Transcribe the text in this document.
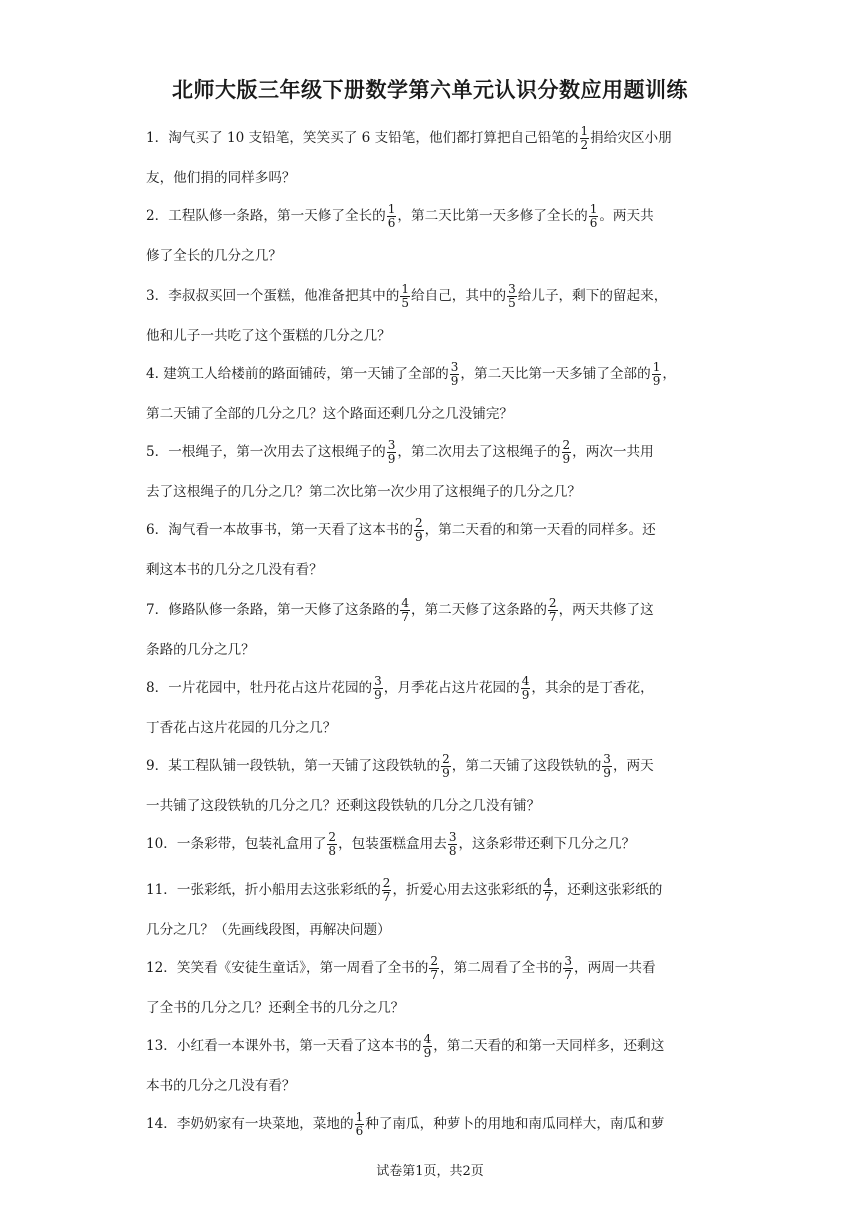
北师大版三年级下册数学第六单元认识分数应用题训练
1．淘气买了 10 支铅笔，笑笑买了 6 支铅笔，他们都打算把自己铅笔的 $\frac{1}{2}$ 捐给灾区小朋
友，他们捐的同样多吗？
2．工程队修一条路，第一天修了全长的 $\frac{1}{6}$ ，第二天比第一天多修了全长的 $\frac{1}{6}$ 。两天共
修了全长的几分之几？
3．李叔叔买回一个蛋糕，他准备把其中的 $\frac{1}{5}$ 给自己，其中的 $\frac{3}{5}$ 给儿子，剩下的留起来，
他和儿子一共吃了这个蛋糕的几分之几？
4. 建筑工人给楼前的路面铺砖，第一天铺了全部的 $\frac{3}{9}$ ，第二天比第一天多铺了全部的 $\frac{1}{9}$ ，
第二天铺了全部的几分之几？这个路面还剩几分之几没铺完？
5．一根绳子，第一次用去了这根绳子的 $\frac{3}{9}$ ，第二次用去了这根绳子的 $\frac{2}{9}$ ，两次一共用
去了这根绳子的几分之几？第二次比第一次少用了这根绳子的几分之几？
6．淘气看一本故事书，第一天看了这本书的 $\frac{2}{9}$ ，第二天看的和第一天看的同样多。还
剩这本书的几分之几没有看？
7．修路队修一条路，第一天修了这条路的 $\frac{4}{7}$ ，第二天修了这条路的 $\frac{2}{7}$ ，两天共修了这
条路的几分之几？
8．一片花园中，牡丹花占这片花园的 $\frac{3}{9}$ ，月季花占这片花园的 $\frac{4}{9}$ ，其余的是丁香花，
丁香花占这片花园的几分之几？
9．某工程队铺一段铁轨，第一天铺了这段铁轨的 $\frac{2}{9}$ ，第二天铺了这段铁轨的 $\frac{3}{9}$ ，两天
一共铺了这段铁轨的几分之几？还剩这段铁轨的几分之几没有铺？
10．一条彩带，包装礼盒用了 $\frac{2}{8}$ ，包装蛋糕盒用去 $\frac{3}{8}$ ，这条彩带还剩下几分之几？
11．一张彩纸，折小船用去这张彩纸的 $\frac{2}{7}$ ，折爱心用去这张彩纸的 $\frac{4}{7}$ ，还剩这张彩纸的
几分之几？（先画线段图，再解决问题）
12．笑笑看《安徒生童话》，第一周看了全书的 $\frac{2}{7}$ ，第二周看了全书的 $\frac{3}{7}$ ，两周一共看
了全书的几分之几？还剩全书的几分之几？
13．小红看一本课外书，第一天看了这本书的 $\frac{4}{9}$ ，第二天看的和第一天同样多，还剩这
本书的几分之几没有看？
14．李奶奶家有一块菜地，菜地的 $\frac{1}{6}$ 种了南瓜，种萝卜的用地和南瓜同样大，南瓜和萝
试卷第1页，共2页
